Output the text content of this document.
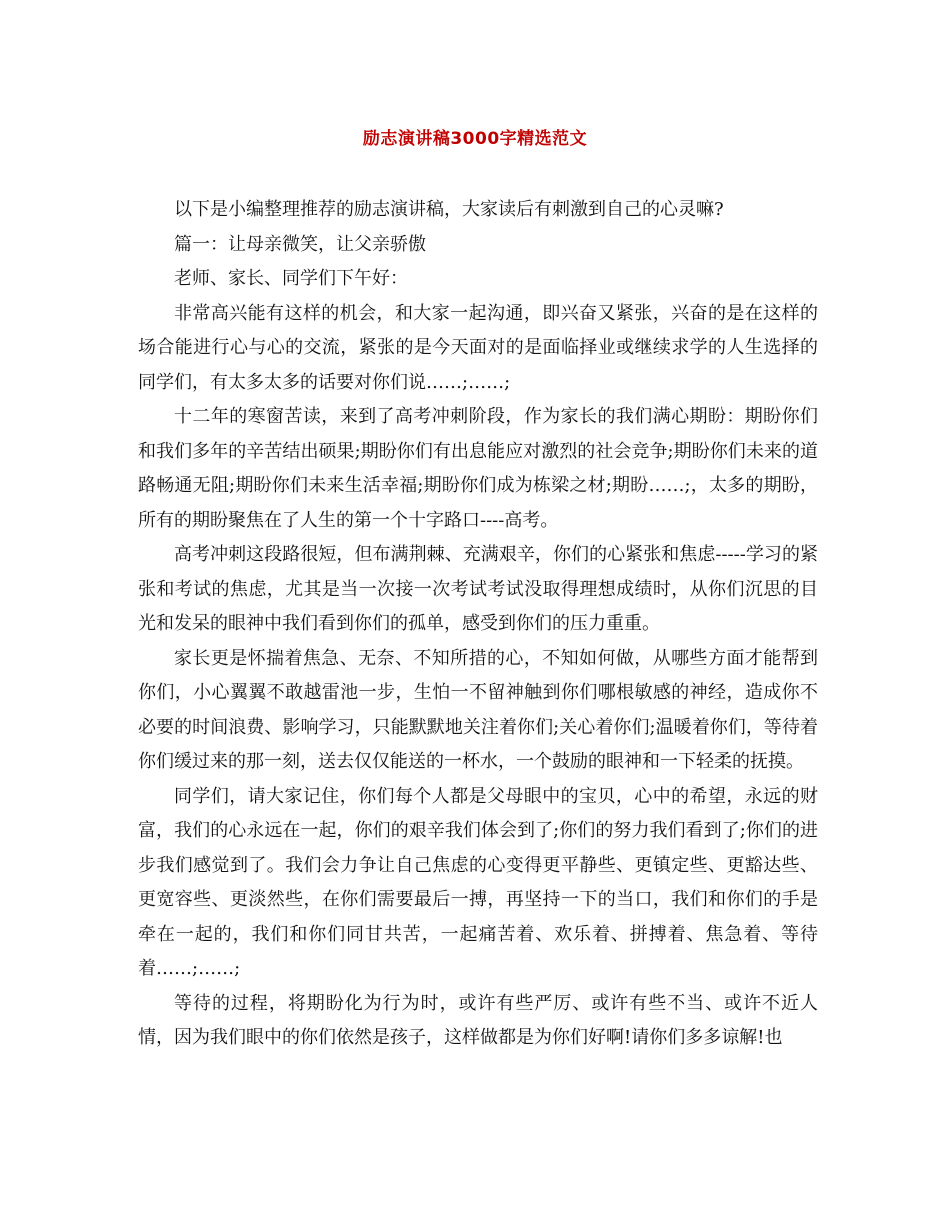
励志演讲稿3000字精选范文

以下是小编整理推荐的励志演讲稿，大家读后有刺激到自己的心灵嘛?

篇一：让母亲微笑，让父亲骄傲

老师、家长、同学们下午好：

非常高兴能有这样的机会，和大家一起沟通，即兴奋又紧张，兴奋的是在这样的场合能进行心与心的交流，紧张的是今天面对的是面临择业或继续求学的人生选择的同学们，有太多太多的话要对你们说……;……;

十二年的寒窗苦读，来到了高考冲刺阶段，作为家长的我们满心期盼：期盼你们和我们多年的辛苦结出硕果;期盼你们有出息能应对激烈的社会竞争;期盼你们未来的道路畅通无阻;期盼你们未来生活幸福;期盼你们成为栋梁之材;期盼……;，太多的期盼，所有的期盼聚焦在了人生的第一个十字路口----高考。

高考冲刺这段路很短，但布满荆棘、充满艰辛，你们的心紧张和焦虑-----学习的紧张和考试的焦虑，尤其是当一次接一次考试考试没取得理想成绩时，从你们沉思的目光和发呆的眼神中我们看到你们的孤单，感受到你们的压力重重。

家长更是怀揣着焦急、无奈、不知所措的心，不知如何做，从哪些方面才能帮到你们，小心翼翼不敢越雷池一步，生怕一不留神触到你们哪根敏感的神经，造成你不必要的时间浪费、影响学习，只能默默地关注着你们;关心着你们;温暖着你们，等待着你们缓过来的那一刻，送去仅仅能送的一杯水，一个鼓励的眼神和一下轻柔的抚摸。

同学们，请大家记住，你们每个人都是父母眼中的宝贝，心中的希望，永远的财富，我们的心永远在一起，你们的艰辛我们体会到了;你们的努力我们看到了;你们的进步我们感觉到了。我们会力争让自己焦虑的心变得更平静些、更镇定些、更豁达些、更宽容些、更淡然些，在你们需要最后一搏，再坚持一下的当口，我们和你们的手是牵在一起的，我们和你们同甘共苦，一起痛苦着、欢乐着、拼搏着、焦急着、等待着……;……;

等待的过程，将期盼化为行为时，或许有些严厉、或许有些不当、或许不近人情，因为我们眼中的你们依然是孩子，这样做都是为你们好啊!请你们多多谅解!也
